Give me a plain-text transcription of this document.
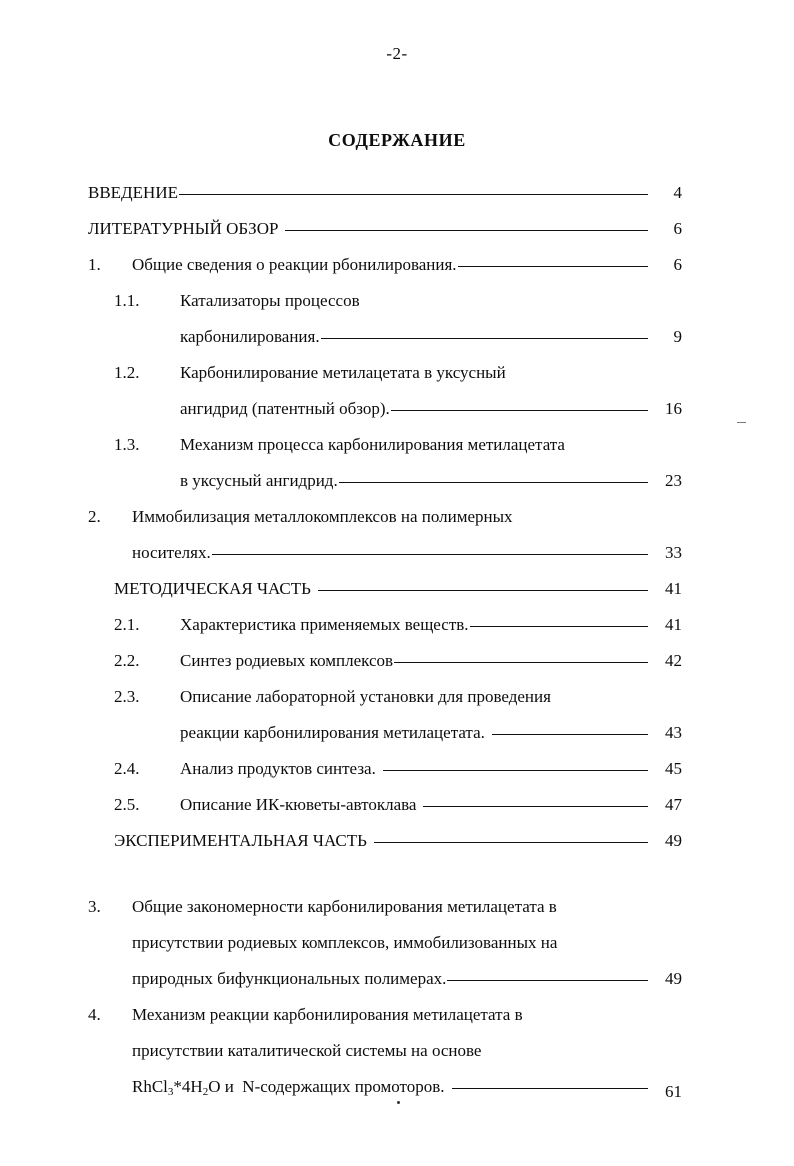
-2-
СОДЕРЖАНИЕ
ВВЕДЕНИЕ	4
ЛИТЕРАТУРНЫЙ ОБЗОР	6
1.	Общие сведения о реакции рбонилирования.	6
1.1.	Катализаторы процессов
карбонилирования.	9
1.2.	Карбонилирование метилацетата в уксусный
ангидрид (патентный обзор).	16
1.3.	Механизм процесса карбонилирования метилацетата
в уксусный ангидрид.	23
2.	Иммобилизация металлокомплексов на полимерных
носителях.	33
МЕТОДИЧЕСКАЯ ЧАСТЬ	41
2.1.	Характеристика применяемых веществ.	41
2.2.	Синтез родиевых комплексов	42
2.3.	Описание лабораторной установки для проведения
реакции карбонилирования метилацетата.	43
2.4.	Анализ продуктов синтеза.	45
2.5.	Описание ИК-кюветы-автоклава	47
ЭКСПЕРИМЕНТАЛЬНАЯ ЧАСТЬ	49
3.	Общие закономерности карбонилирования метилацетата в
присутствии родиевых комплексов, иммобилизованных на
природных бифункциональных полимерах.	49
4.	Механизм реакции карбонилирования метилацетата в
присутствии каталитической системы на основе
$RhCl_3*4H_2O$ и  N-содержащих промоторов.	61
